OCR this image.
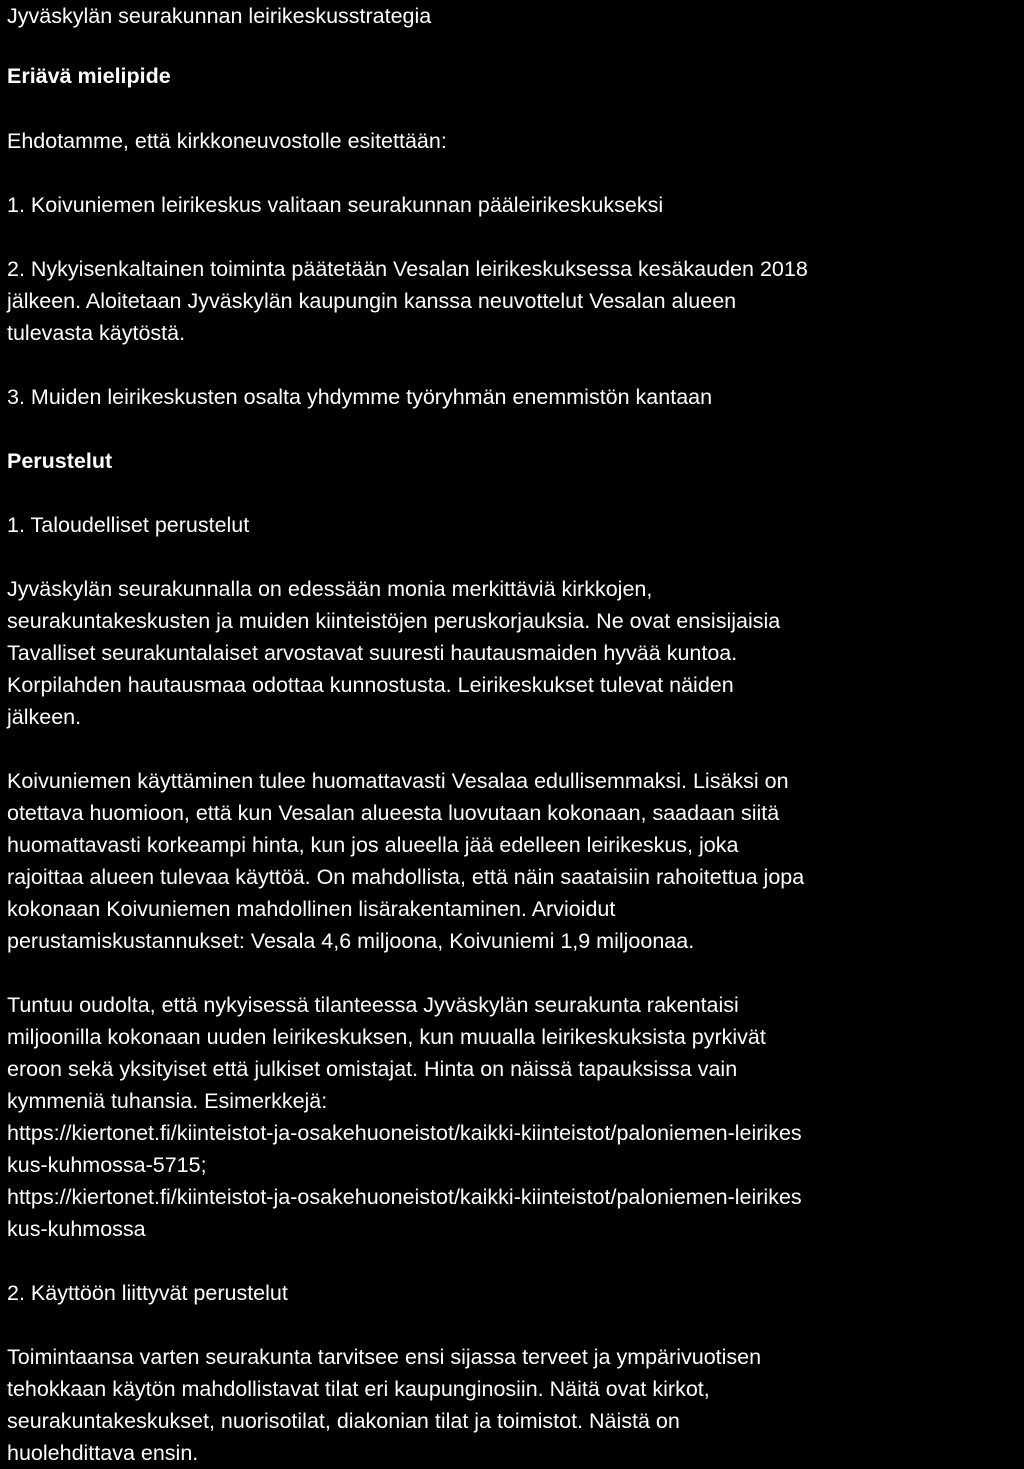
Jyväskylän seurakunnan leirikeskusstrategia
Eriävä mielipide
Ehdotamme, että kirkkoneuvostolle esitettään:
1. Koivuniemen leirikeskus valitaan seurakunnan pääleirikeskukseksi
2. Nykyisenkaltainen toiminta päätetään Vesalan leirikeskuksessa kesäkauden 2018
jälkeen. Aloitetaan Jyväskylän kaupungin kanssa neuvottelut Vesalan alueen
tulevasta käytöstä.
3. Muiden leirikeskusten osalta yhdymme työryhmän enemmistön kantaan
Perustelut
1. Taloudelliset perustelut
Jyväskylän seurakunnalla on edessään monia merkittäviä kirkkojen,
seurakuntakeskusten ja muiden kiinteistöjen peruskorjauksia. Ne ovat ensisijaisia
Tavalliset seurakuntalaiset arvostavat suuresti hautausmaiden hyvää kuntoa.
Korpilahden hautausmaa odottaa kunnostusta. Leirikeskukset tulevat näiden
jälkeen.
Koivuniemen käyttäminen tulee huomattavasti Vesalaa edullisemmaksi. Lisäksi on
otettava huomioon, että kun Vesalan alueesta luovutaan kokonaan, saadaan siitä
huomattavasti korkeampi hinta, kun jos alueella jää edelleen leirikeskus, joka
rajoittaa alueen tulevaa käyttöä. On mahdollista, että näin saataisiin rahoitettua jopa
kokonaan Koivuniemen mahdollinen lisärakentaminen. Arvioidut
perustamiskustannukset: Vesala 4,6 miljoona, Koivuniemi 1,9 miljoonaa.
Tuntuu oudolta, että nykyisessä tilanteessa Jyväskylän seurakunta rakentaisi
miljoonilla kokonaan uuden leirikeskuksen, kun muualla leirikeskuksista pyrkivät
eroon sekä yksityiset että julkiset omistajat. Hinta on näissä tapauksissa vain
kymmeniä tuhansia. Esimerkkejä:
https://kiertonet.fi/kiinteistot-ja-osakehuoneistot/kaikki-kiinteistot/paloniemen-leirikes
kus-kuhmossa-5715;
https://kiertonet.fi/kiinteistot-ja-osakehuoneistot/kaikki-kiinteistot/paloniemen-leirikes
kus-kuhmossa
2. Käyttöön liittyvät perustelut
Toimintaansa varten seurakunta tarvitsee ensi sijassa terveet ja ympärivuotisen
tehokkaan käytön mahdollistavat tilat eri kaupunginosiin. Näitä ovat kirkot,
seurakuntakeskukset, nuorisotilat, diakonian tilat ja toimistot. Näistä on
huolehdittava ensin.
